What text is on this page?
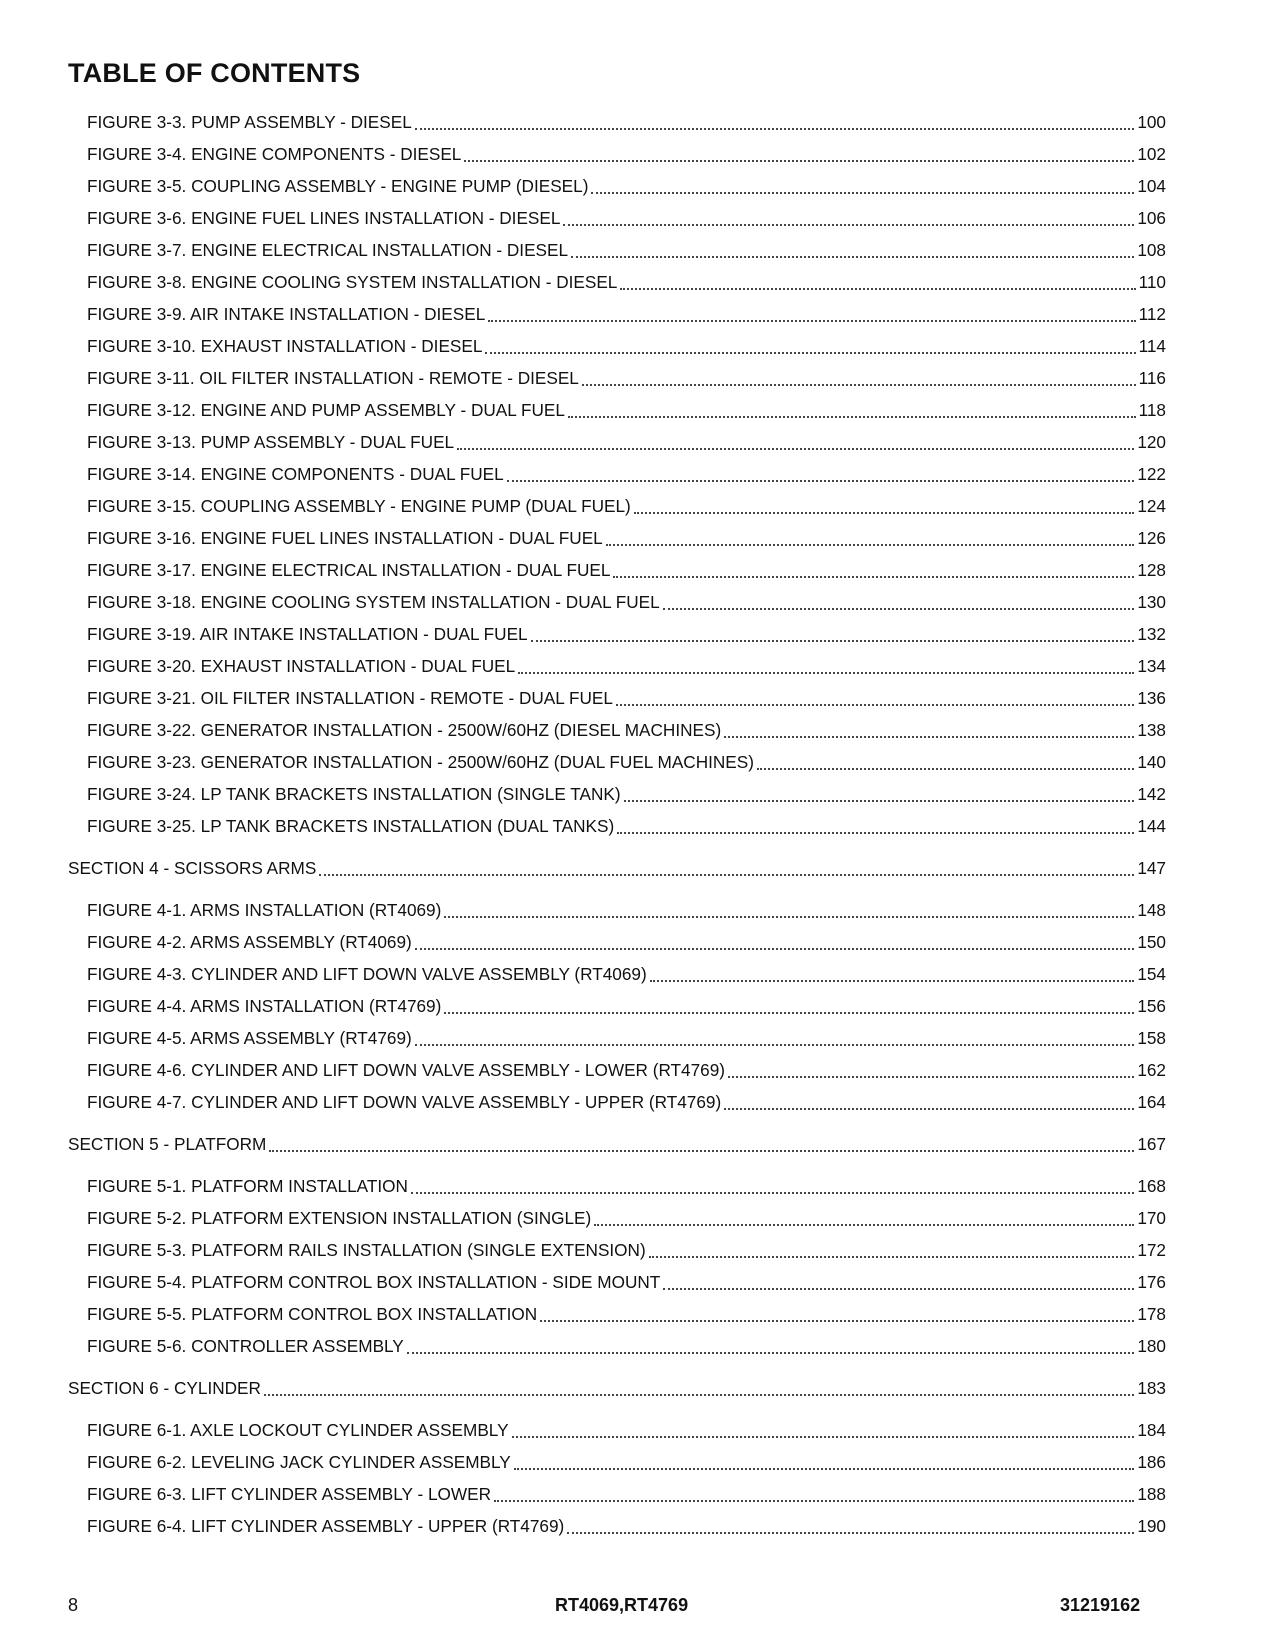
TABLE OF CONTENTS
FIGURE 3-3. PUMP ASSEMBLY - DIESEL	100
FIGURE 3-4. ENGINE COMPONENTS - DIESEL	102
FIGURE 3-5. COUPLING ASSEMBLY - ENGINE PUMP (DIESEL)	104
FIGURE 3-6. ENGINE FUEL LINES INSTALLATION - DIESEL	106
FIGURE 3-7. ENGINE ELECTRICAL INSTALLATION - DIESEL	108
FIGURE 3-8. ENGINE COOLING SYSTEM INSTALLATION - DIESEL	110
FIGURE 3-9. AIR INTAKE INSTALLATION - DIESEL	112
FIGURE 3-10. EXHAUST INSTALLATION - DIESEL	114
FIGURE 3-11. OIL FILTER INSTALLATION - REMOTE - DIESEL	116
FIGURE 3-12. ENGINE AND PUMP ASSEMBLY - DUAL FUEL	118
FIGURE 3-13. PUMP ASSEMBLY - DUAL FUEL	120
FIGURE 3-14. ENGINE COMPONENTS - DUAL FUEL	122
FIGURE 3-15. COUPLING ASSEMBLY - ENGINE PUMP (DUAL FUEL)	124
FIGURE 3-16. ENGINE FUEL LINES INSTALLATION - DUAL FUEL	126
FIGURE 3-17. ENGINE ELECTRICAL INSTALLATION - DUAL FUEL	128
FIGURE 3-18. ENGINE COOLING SYSTEM INSTALLATION - DUAL FUEL	130
FIGURE 3-19. AIR INTAKE INSTALLATION - DUAL FUEL	132
FIGURE 3-20. EXHAUST INSTALLATION - DUAL FUEL	134
FIGURE 3-21. OIL FILTER INSTALLATION - REMOTE - DUAL FUEL	136
FIGURE 3-22. GENERATOR INSTALLATION - 2500W/60HZ (DIESEL MACHINES)	138
FIGURE 3-23. GENERATOR INSTALLATION - 2500W/60HZ (DUAL FUEL MACHINES)	140
FIGURE 3-24. LP TANK BRACKETS INSTALLATION (SINGLE TANK)	142
FIGURE 3-25. LP TANK BRACKETS INSTALLATION (DUAL TANKS)	144
SECTION 4 - SCISSORS ARMS	147
FIGURE 4-1. ARMS INSTALLATION (RT4069)	148
FIGURE 4-2. ARMS ASSEMBLY (RT4069)	150
FIGURE 4-3. CYLINDER AND LIFT DOWN VALVE ASSEMBLY (RT4069)	154
FIGURE 4-4. ARMS INSTALLATION (RT4769)	156
FIGURE 4-5. ARMS ASSEMBLY (RT4769)	158
FIGURE 4-6. CYLINDER AND LIFT DOWN VALVE ASSEMBLY - LOWER (RT4769)	162
FIGURE 4-7. CYLINDER AND LIFT DOWN VALVE ASSEMBLY - UPPER (RT4769)	164
SECTION 5 - PLATFORM	167
FIGURE 5-1. PLATFORM INSTALLATION	168
FIGURE 5-2. PLATFORM EXTENSION INSTALLATION (SINGLE)	170
FIGURE 5-3. PLATFORM RAILS INSTALLATION (SINGLE EXTENSION)	172
FIGURE 5-4. PLATFORM CONTROL BOX INSTALLATION - SIDE MOUNT	176
FIGURE 5-5. PLATFORM CONTROL BOX INSTALLATION	178
FIGURE 5-6. CONTROLLER ASSEMBLY	180
SECTION 6 - CYLINDER	183
FIGURE 6-1. AXLE LOCKOUT CYLINDER ASSEMBLY	184
FIGURE 6-2. LEVELING JACK CYLINDER ASSEMBLY	186
FIGURE 6-3. LIFT CYLINDER ASSEMBLY - LOWER	188
FIGURE 6-4. LIFT CYLINDER ASSEMBLY - UPPER (RT4769)	190
8	RT4069,RT4769	31219162
